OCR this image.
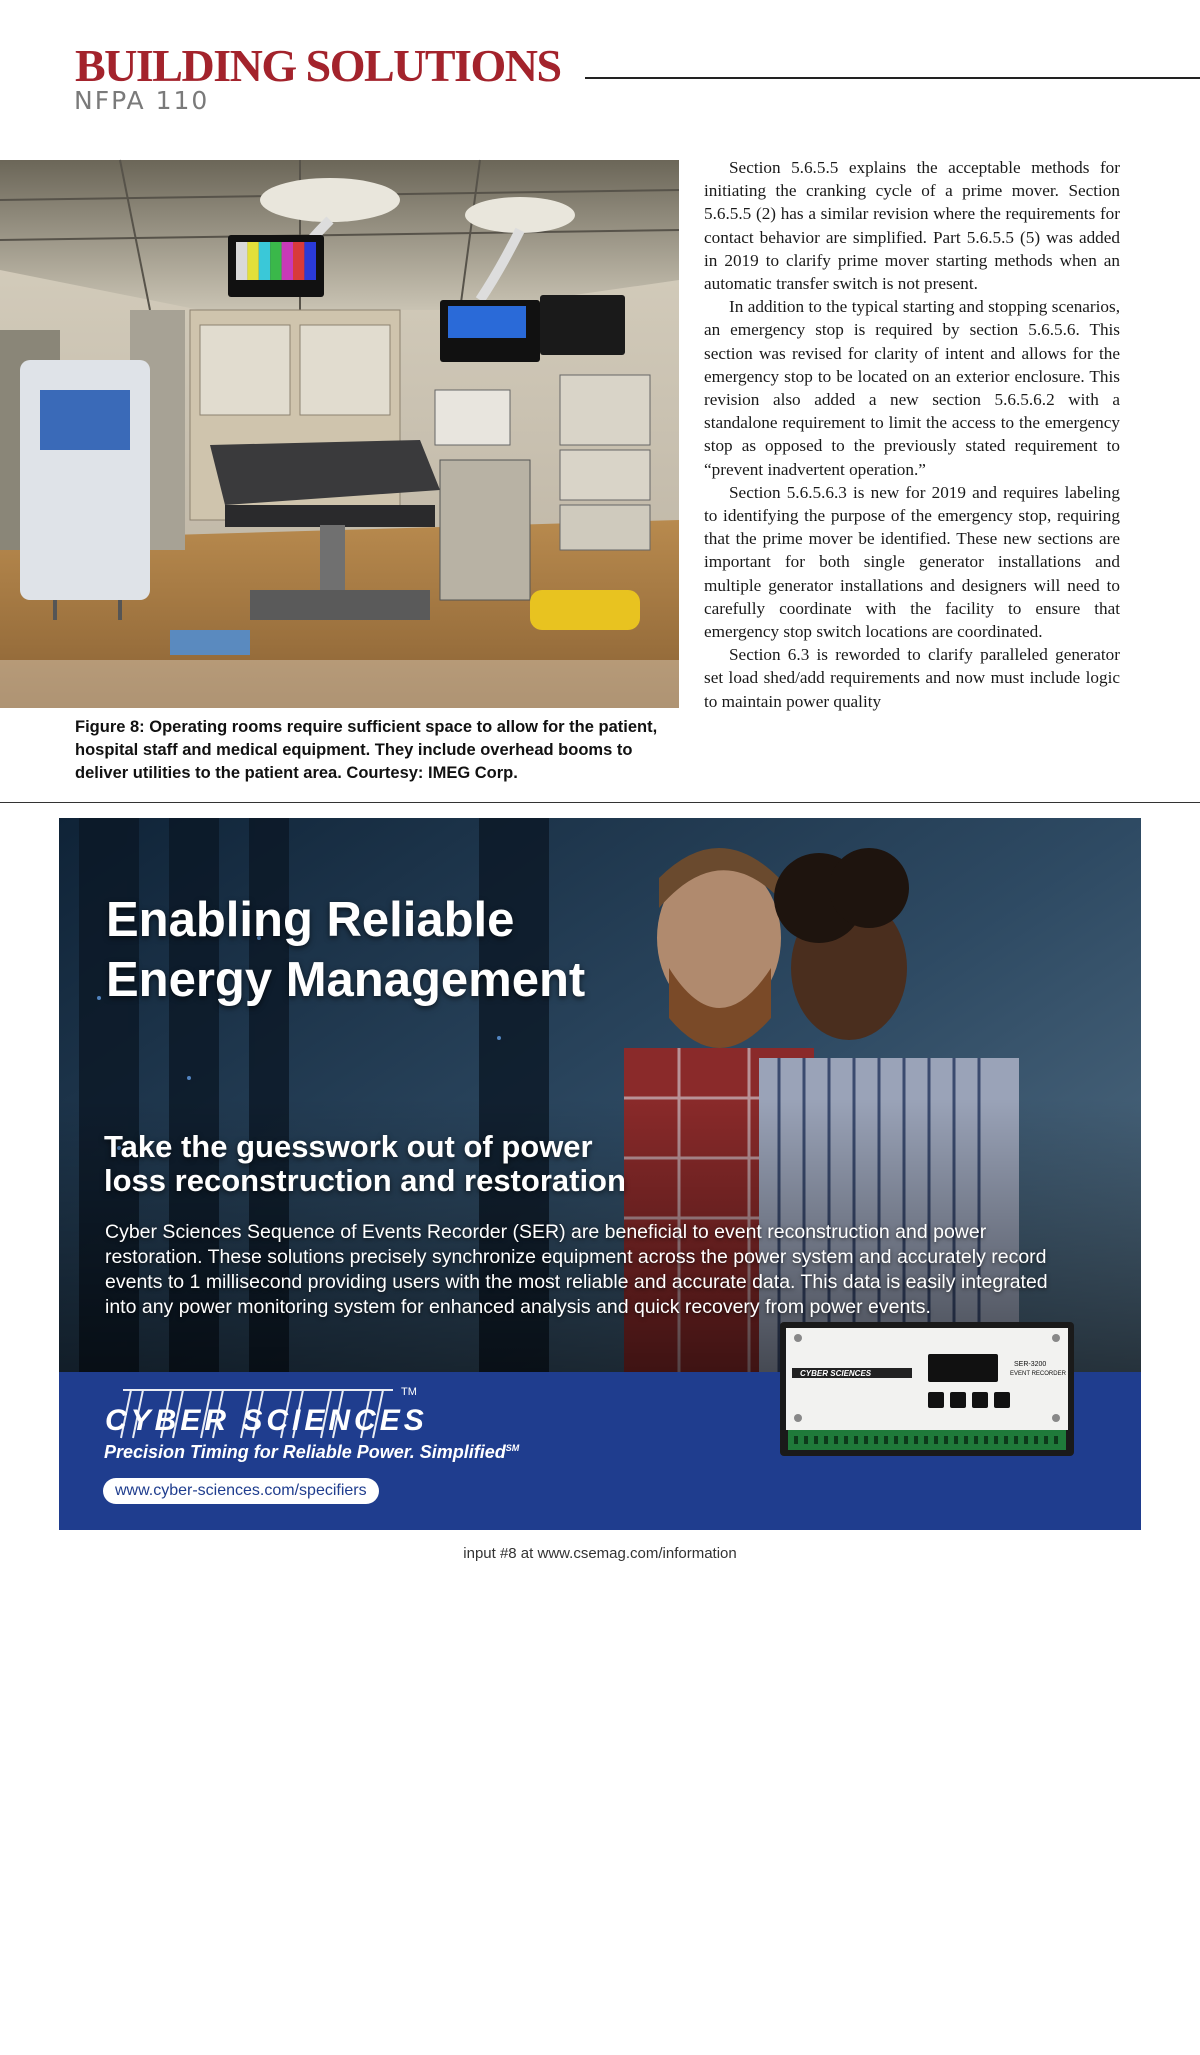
BUILDING SOLUTIONS
NFPA 110
Figure 8: Operating rooms require sufficient space to allow for the patient, hospital staff and medical equipment. They include overhead booms to deliver utilities to the patient area. Courtesy: IMEG Corp.

Section 5.6.5.5 explains the acceptable methods for initiating the cranking cycle of a prime mover. Section 5.6.5.5 (2) has a similar revision where the requirements for contact behavior are simplified. Part 5.6.5.5 (5) was added in 2019 to clarify prime mover starting methods when an automatic transfer switch is not present.

In addition to the typical starting and stopping scenarios, an emergency stop is required by section 5.6.5.6. This section was revised for clarity of intent and allows for the emergency stop to be located on an exterior enclosure. This revision also added a new section 5.6.5.6.2 with a standalone requirement to limit the access to the emergency stop as opposed to the previously stated requirement to “prevent inadvertent operation.”

Section 5.6.5.6.3 is new for 2019 and requires labeling to identifying the purpose of the emergency stop, requiring that the prime mover be identified. These new sections are important for both single generator installations and multiple generator installations and designers will need to carefully coordinate with the facility to ensure that emergency stop switch locations are coordinated.

Section 6.3 is reworded to clarify paralleled generator set load shed/add requirements and now must include logic to maintain power quality

Enabling Reliable
Energy Management
Take the guesswork out of power
loss reconstruction and restoration
Cyber Sciences Sequence of Events Recorder (SER) are beneficial to event reconstruction and power restoration. These solutions precisely synchronize equipment across the power system and accurately record events to 1 millisecond providing users with the most reliable and accurate data. This data is easily integrated into any power monitoring system for enhanced analysis and quick recovery from power events.
CYBER SCIENCES
TM
Precision Timing for Reliable Power. Simplified℠
www.cyber-sciences.com/specifiers
Sequence of Events Recorder
CYBER SCIENCES
SER-3200
EVENT RECORDER
input #8 at www.csemag.com/information
